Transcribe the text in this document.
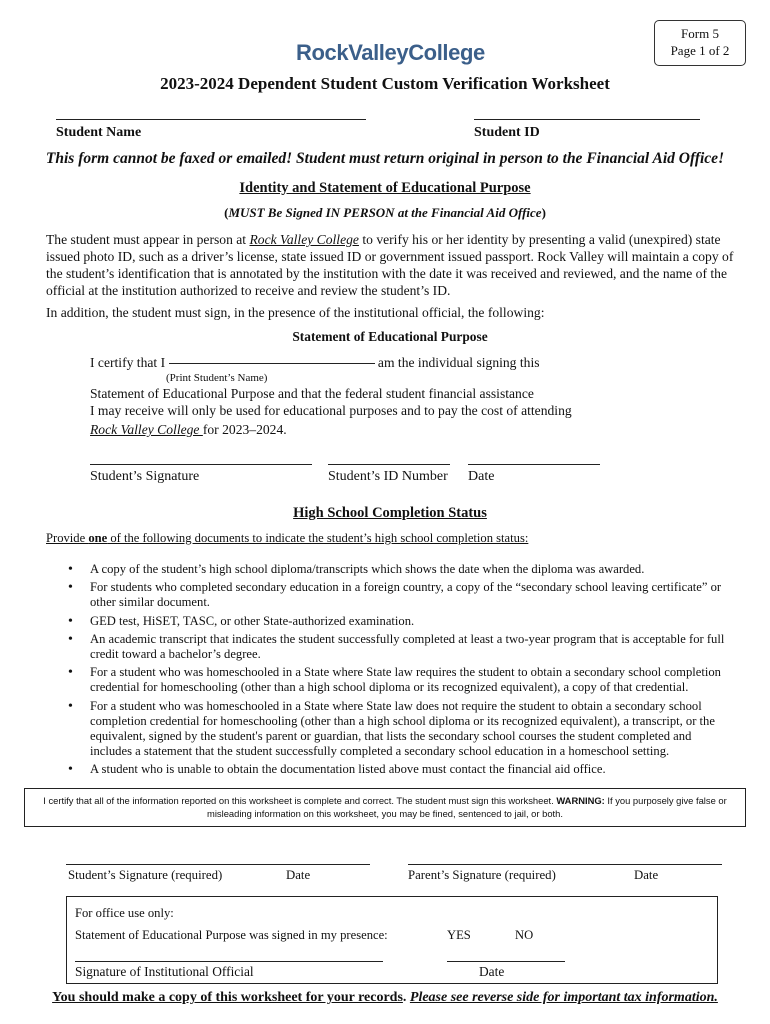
Form 5
Page 1 of 2
RockValleyCollege
2023-2024 Dependent Student Custom Verification Worksheet
Student Name	Student ID
This form cannot be faxed or emailed! Student must return original in person to the Financial Aid Office!
Identity and Statement of Educational Purpose
(MUST Be Signed IN PERSON at the Financial Aid Office)
The student must appear in person at Rock Valley College to verify his or her identity by presenting a valid (unexpired) state issued photo ID, such as a driver’s license, state issued ID or government issued passport. Rock Valley will maintain a copy of the student’s identification that is annotated by the institution with the date it was received and reviewed, and the name of the official at the institution authorized to receive and review the student’s ID.
In addition, the student must sign, in the presence of the institutional official, the following:
Statement of Educational Purpose
I certify that I	am the individual signing this
(Print Student’s Name)
Statement of Educational Purpose and that the federal student financial assistance
I may receive will only be used for educational purposes and to pay the cost of attending
Rock Valley College for 2023–2024.
Student’s Signature	Student’s ID Number Date
High School Completion Status
Provide one of the following documents to indicate the student’s high school completion status:
• A copy of the student’s high school diploma/transcripts which shows the date when the diploma was awarded.
• For students who completed secondary education in a foreign country, a copy of the “secondary school leaving certificate” or other similar document.
• GED test, HiSET, TASC, or other State-authorized examination.
• An academic transcript that indicates the student successfully completed at least a two-year program that is acceptable for full credit toward a bachelor’s degree.
• For a student who was homeschooled in a State where State law requires the student to obtain a secondary school completion credential for homeschooling (other than a high school diploma or its recognized equivalent), a copy of that credential.
• For a student who was homeschooled in a State where State law does not require the student to obtain a secondary school completion credential for homeschooling (other than a high school diploma or its recognized equivalent), a transcript, or the equivalent, signed by the student's parent or guardian, that lists the secondary school courses the student completed and includes a statement that the student successfully completed a secondary school education in a homeschool setting.
• A student who is unable to obtain the documentation listed above must contact the financial aid office.
I certify that all of the information reported on this worksheet is complete and correct. The student must sign this worksheet. WARNING: If you purposely give false or misleading information on this worksheet, you may be fined, sentenced to jail, or both.
Student’s Signature (required)	Date	Parent’s Signature (required)	Date
For office use only:
Statement of Educational Purpose was signed in my presence:	YES	NO
Signature of Institutional Official	Date
You should make a copy of this worksheet for your records. Please see reverse side for important tax information.
